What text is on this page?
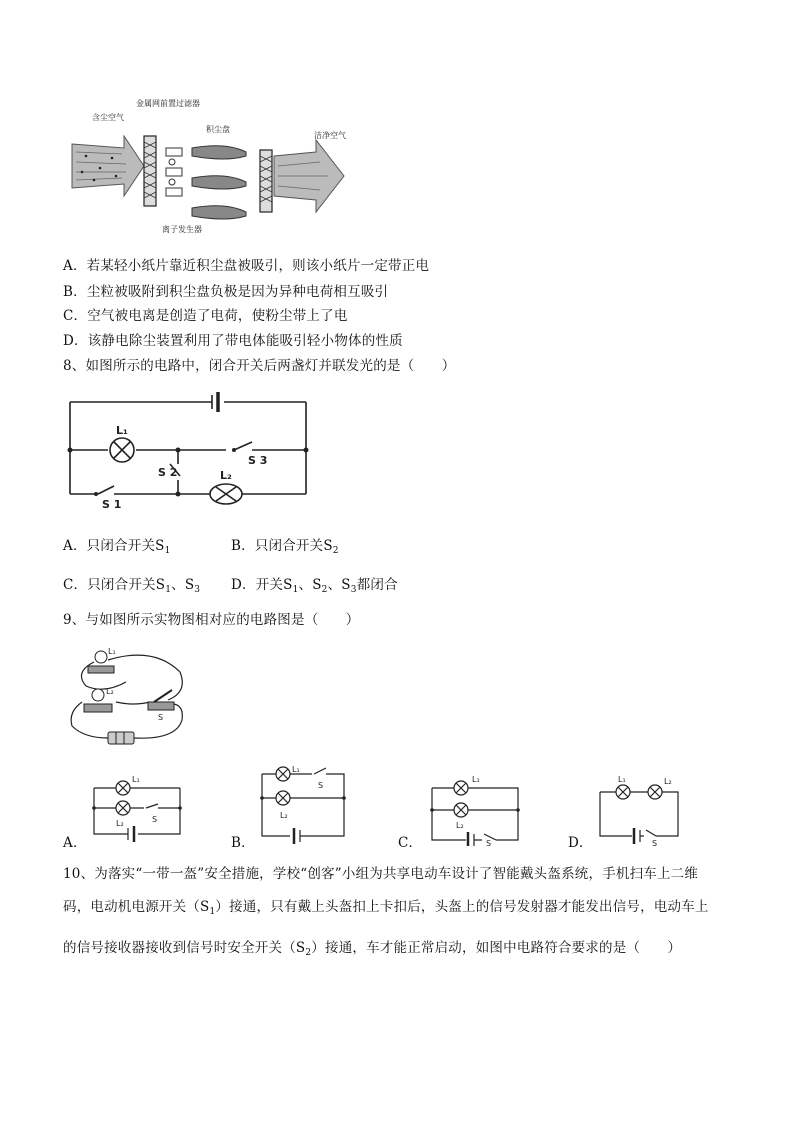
含尘空气
金属网前置过滤器
离子发生器
积尘盘
洁净空气
A．若某轻小纸片靠近积尘盘被吸引，则该小纸片一定带正电
B．尘粒被吸附到积尘盘负极是因为异种电荷相互吸引
C．空气被电离是创造了电荷，使粉尘带上了电
D．该静电除尘装置利用了带电体能吸引轻小物体的性质
8、如图所示的电路中，闭合开关后两盏灯并联发光的是（　　）
L₁
S 3
S 2	L₂
S 1
A．只闭合开关$S_1$	B．只闭合开关$S_2$
C．只闭合开关$S_1$、$S_3$ D．开关$S_1$、$S_2$、$S_3$都闭合
9、与如图所示实物图相对应的电路图是（　　）
L₁
L₂
S
L₁
L₂	S
A．
L₁
S
L₂
B．
L₁
L₂
S
C．
L₁	L₂
S
D．
10、为落实“一带一盔”安全措施，学校“创客”小组为共享电动车设计了智能戴头盔系统，手机扫车上二维
码，电动机电源开关$(S_1)$接通，只有戴上头盔扣上卡扣后，头盔上的信号发射器才能发出信号，电动车上
的信号接收器接收到信号时安全开关$(S_2)$接通，车才能正常启动，如图中电路符合要求的是（　　）
